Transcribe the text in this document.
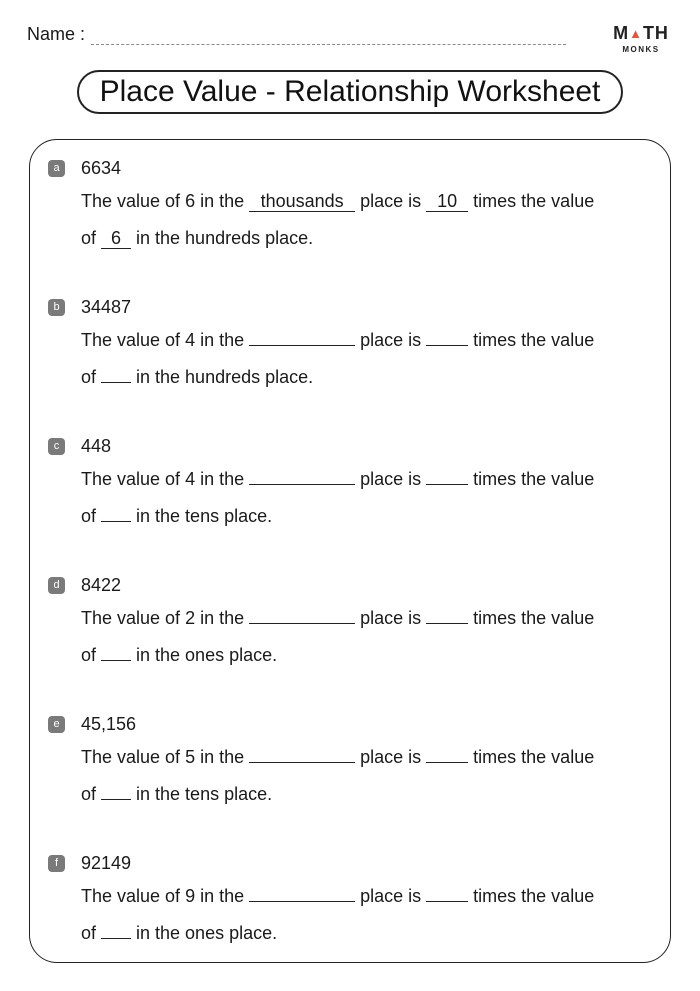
Name :	M▲TH
MONKS
Place Value - Relationship Worksheet
a	6634
The value of 6 in the thousands place is 10 times the value
of 6 in the hundreds place.
b	34487
The value of 4 in the	place is  times the value
of  in the hundreds place.
c	448
The value of 4 in the	place is  times the value
of  in the tens place.
d	8422
The value of 2 in the	place is  times the value
of  in the ones place.
e	45,156
The value of 5 in the	place is  times the value
of  in the tens place.
f	92149
The value of 9 in the	place is  times the value
of  in the ones place.
